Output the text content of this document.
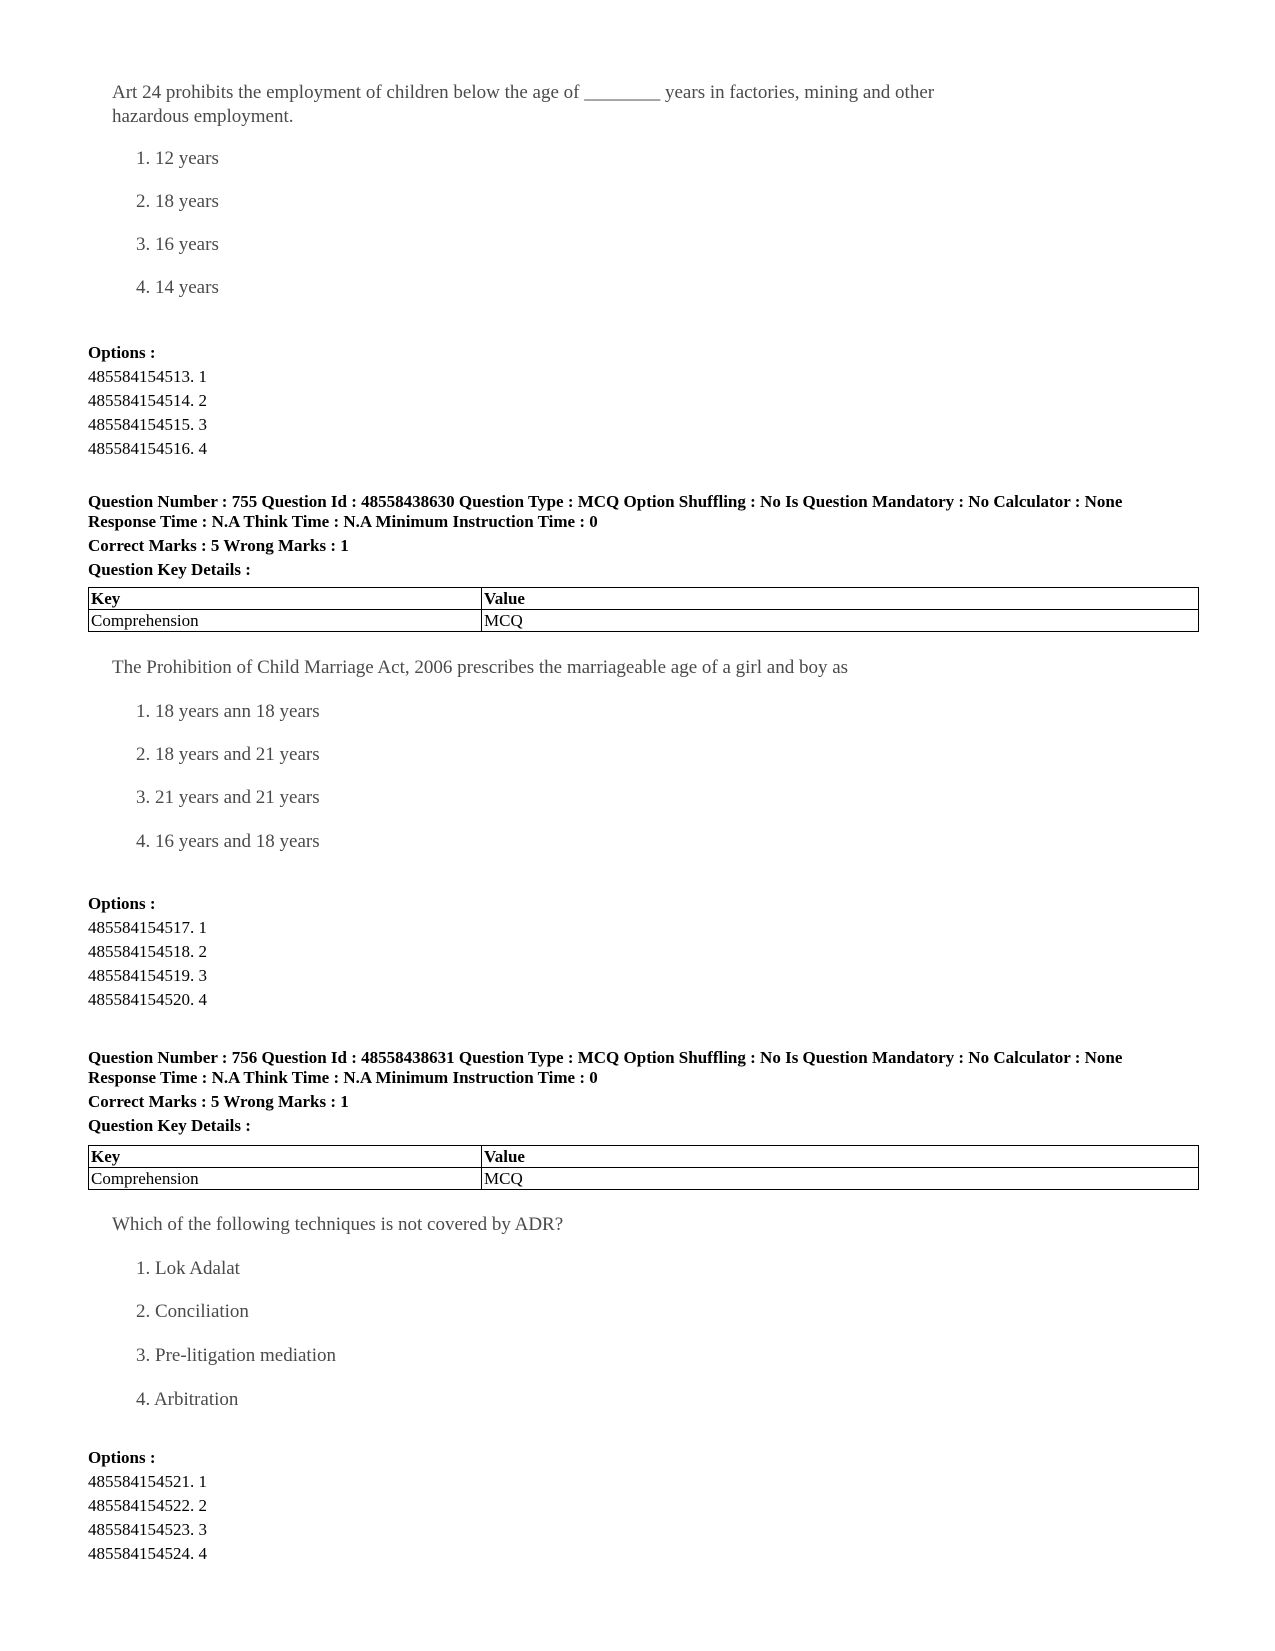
Art 24 prohibits the employment of children below the age of ________ years in factories, mining and other hazardous employment.
1. 12 years
2. 18 years
3. 16 years
4. 14 years
Options :
485584154513. 1
485584154514. 2
485584154515. 3
485584154516. 4
Question Number : 755 Question Id : 48558438630 Question Type : MCQ Option Shuffling : No Is Question Mandatory : No Calculator : None
Response Time : N.A Think Time : N.A Minimum Instruction Time : 0
Correct Marks : 5 Wrong Marks : 1
Question Key Details :
Key	Value
Comprehension	MCQ
The Prohibition of Child Marriage Act, 2006 prescribes the marriageable age of a girl and boy as
1. 18 years ann 18 years
2. 18 years and 21 years
3. 21 years and 21 years
4. 16 years and 18 years
Options :
485584154517. 1
485584154518. 2
485584154519. 3
485584154520. 4
Question Number : 756 Question Id : 48558438631 Question Type : MCQ Option Shuffling : No Is Question Mandatory : No Calculator : None
Response Time : N.A Think Time : N.A Minimum Instruction Time : 0
Correct Marks : 5 Wrong Marks : 1
Question Key Details :
Key	Value
Comprehension	MCQ
Which of the following techniques is not covered by ADR?
1. Lok Adalat
2. Conciliation
3. Pre-litigation mediation
4. Arbitration
Options :
485584154521. 1
485584154522. 2
485584154523. 3
485584154524. 4
